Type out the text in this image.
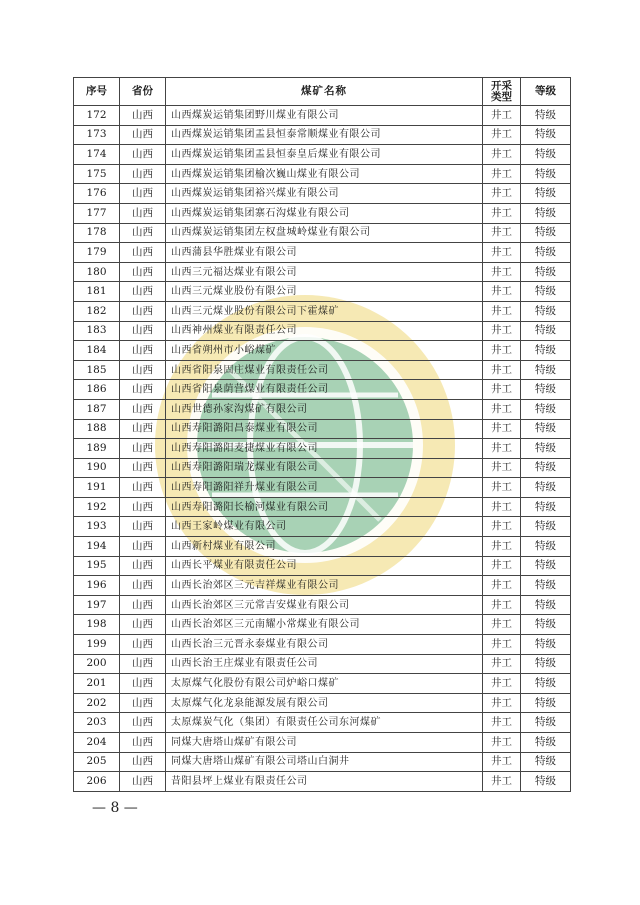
序号	省份	煤矿名称	开采类型	等级
172	山西	山西煤炭运销集团野川煤业有限公司	井工	特级
173	山西	山西煤炭运销集团盂县恒泰常顺煤业有限公司	井工	特级
174	山西	山西煤炭运销集团盂县恒泰皇后煤业有限公司	井工	特级
175	山西	山西煤炭运销集团榆次巍山煤业有限公司	井工	特级
176	山西	山西煤炭运销集团裕兴煤业有限公司	井工	特级
177	山西	山西煤炭运销集团寨石沟煤业有限公司	井工	特级
178	山西	山西煤炭运销集团左权盘城岭煤业有限公司	井工	特级
179	山西	山西蒲县华胜煤业有限公司	井工	特级
180	山西	山西三元福达煤业有限公司	井工	特级
181	山西	山西三元煤业股份有限公司	井工	特级
182	山西	山西三元煤业股份有限公司下霍煤矿	井工	特级
183	山西	山西神州煤业有限责任公司	井工	特级
184	山西	山西省朔州市小峪煤矿	井工	特级
185	山西	山西省阳泉固庄煤业有限责任公司	井工	特级
186	山西	山西省阳泉荫营煤业有限责任公司	井工	特级
187	山西	山西世德孙家沟煤矿有限公司	井工	特级
188	山西	山西寿阳潞阳昌泰煤业有限公司	井工	特级
189	山西	山西寿阳潞阳麦捷煤业有限公司	井工	特级
190	山西	山西寿阳潞阳瑞龙煤业有限公司	井工	特级
191	山西	山西寿阳潞阳祥升煤业有限公司	井工	特级
192	山西	山西寿阳潞阳长榆河煤业有限公司	井工	特级
193	山西	山西王家岭煤业有限公司	井工	特级
194	山西	山西新村煤业有限公司	井工	特级
195	山西	山西长平煤业有限责任公司	井工	特级
196	山西	山西长治郊区三元吉祥煤业有限公司	井工	特级
197	山西	山西长治郊区三元常吉安煤业有限公司	井工	特级
198	山西	山西长治郊区三元南耀小常煤业有限公司	井工	特级
199	山西	山西长治三元晋永泰煤业有限公司	井工	特级
200	山西	山西长治王庄煤业有限责任公司	井工	特级
201	山西	太原煤气化股份有限公司炉峪口煤矿	井工	特级
202	山西	太原煤气化龙泉能源发展有限公司	井工	特级
203	山西	太原煤炭气化（集团）有限责任公司东河煤矿	井工	特级
204	山西	同煤大唐塔山煤矿有限公司	井工	特级
205	山西	同煤大唐塔山煤矿有限公司塔山白洞井	井工	特级
206	山西	昔阳县坪上煤业有限责任公司	井工	特级
— 8 —
